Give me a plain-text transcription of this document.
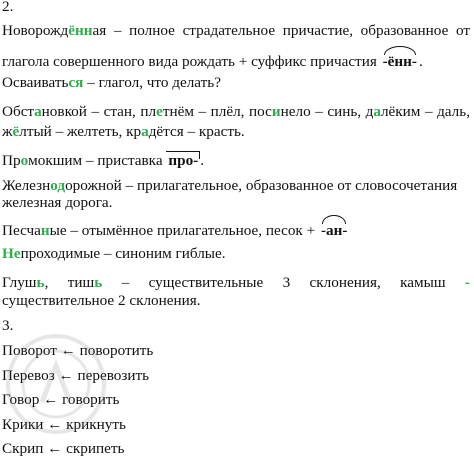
2.
Новорождённая – полное страдательное причастие, образованное от
глагола совершенного вида рождать + суффикс причастия -ённ- .
Осваиваться – глагол, что делать?
Обстановкой – стан, плетнём – плёл, посинело – синь, далёким – даль,
жёлтый – желтеть, крадётся – красть.
Промокшим – приставка про- .
Железнодорожной – прилагательное, образованное от словосочетания
железная дорога.
Песчаные – отымённое прилагательное, песок + -ан-
Непроходимые – синоним гиблые.
Глушь, тишь – существительные 3 склонения, камыш -
существительное 2 склонения.
3.
Поворот ← поворотить
Перевоз ← перевозить
Говор ← говорить
Крики ← крикнуть
Скрип ← скрипеть
